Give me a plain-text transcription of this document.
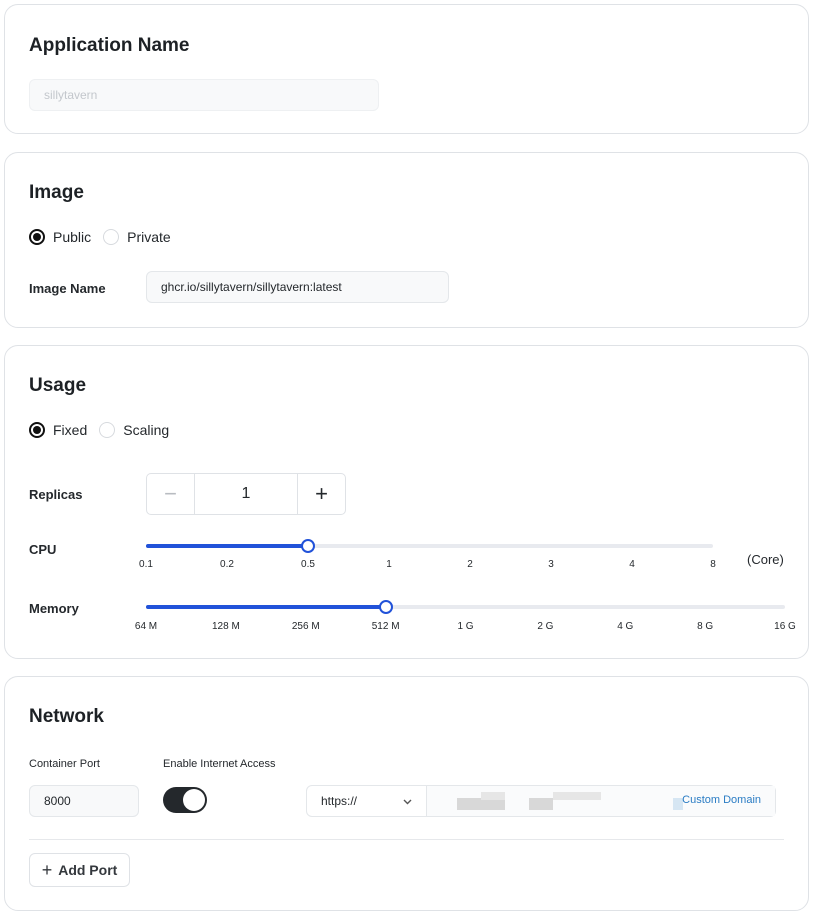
Application Name
sillytavern
Image
Public	Private
Image Name	ghcr.io/sillytavern/sillytavern:latest
Usage
Fixed	Scaling
Replicas	−	1	+
CPU
0.1	0.2	0.5	1	2	3	4	8 (Core)
Memory
64 M	128 M	256 M	512 M	1 G	2 G	4 G	8 G	16 G
Network
Container Port	Enable Internet Access
8000	https://	Custom Domain
+ Add Port
